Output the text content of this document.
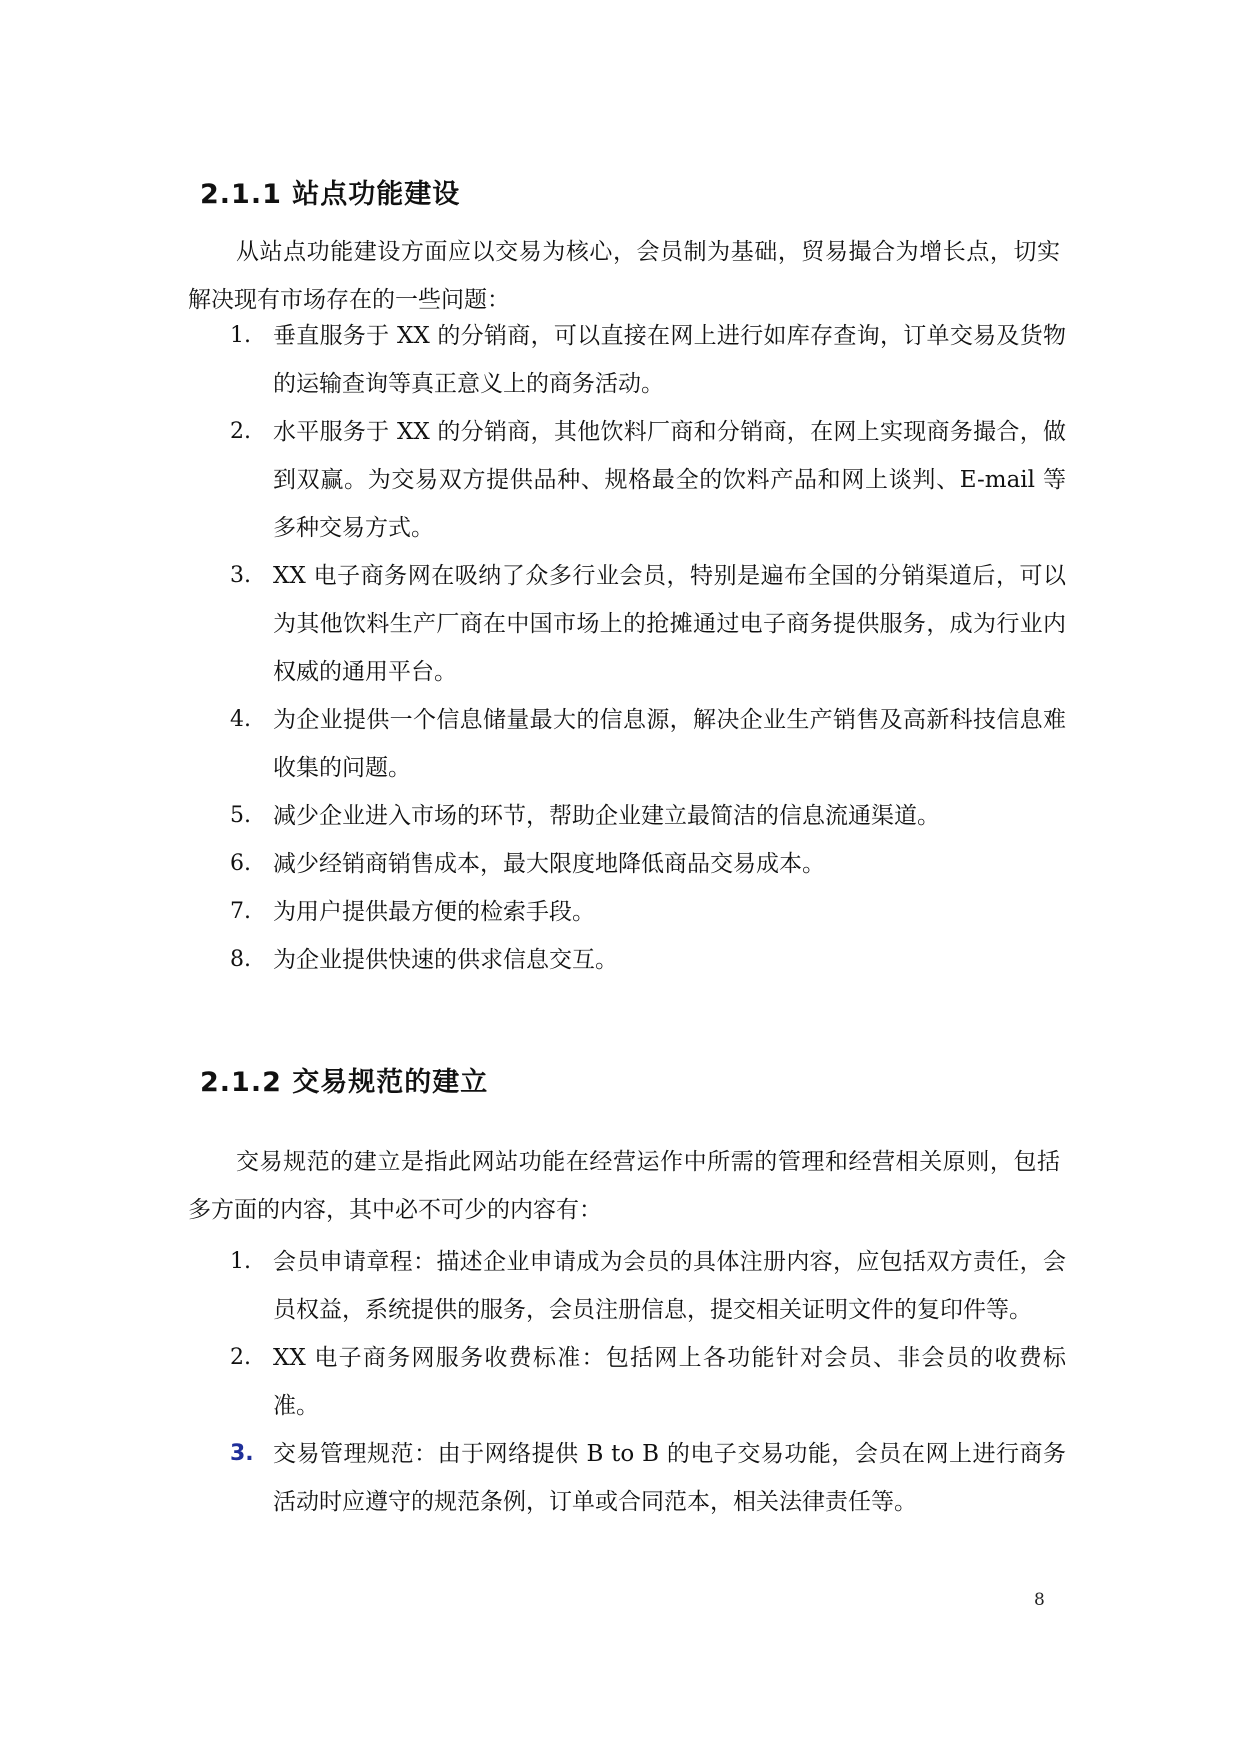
2.1.1 站点功能建设

从站点功能建设方面应以交易为核心，会员制为基础，贸易撮合为增长点，切实解决现有市场存在的一些问题：

1. 垂直服务于 XX 的分销商，可以直接在网上进行如库存查询，订单交易及货物的运输查询等真正意义上的商务活动。
2. 水平服务于 XX 的分销商，其他饮料厂商和分销商，在网上实现商务撮合，做到双赢。为交易双方提供品种、规格最全的饮料产品和网上谈判、E-mail 等多种交易方式。
3. XX 电子商务网在吸纳了众多行业会员，特别是遍布全国的分销渠道后，可以为其他饮料生产厂商在中国市场上的抢摊通过电子商务提供服务，成为行业内权威的通用平台。
4. 为企业提供一个信息储量最大的信息源，解决企业生产销售及高新科技信息难收集的问题。
5. 减少企业进入市场的环节，帮助企业建立最简洁的信息流通渠道。
6. 减少经销商销售成本，最大限度地降低商品交易成本。
7. 为用户提供最方便的检索手段。
8. 为企业提供快速的供求信息交互。
2.1.2 交易规范的建立

交易规范的建立是指此网站功能在经营运作中所需的管理和经营相关原则，包括多方面的内容，其中必不可少的内容有：

1. 会员申请章程：描述企业申请成为会员的具体注册内容，应包括双方责任，会员权益，系统提供的服务，会员注册信息，提交相关证明文件的复印件等。
2. XX 电子商务网服务收费标准：包括网上各功能针对会员、非会员的收费标准。
3. 交易管理规范：由于网络提供 B to B 的电子交易功能，会员在网上进行商务活动时应遵守的规范条例，订单或合同范本，相关法律责任等。
8
